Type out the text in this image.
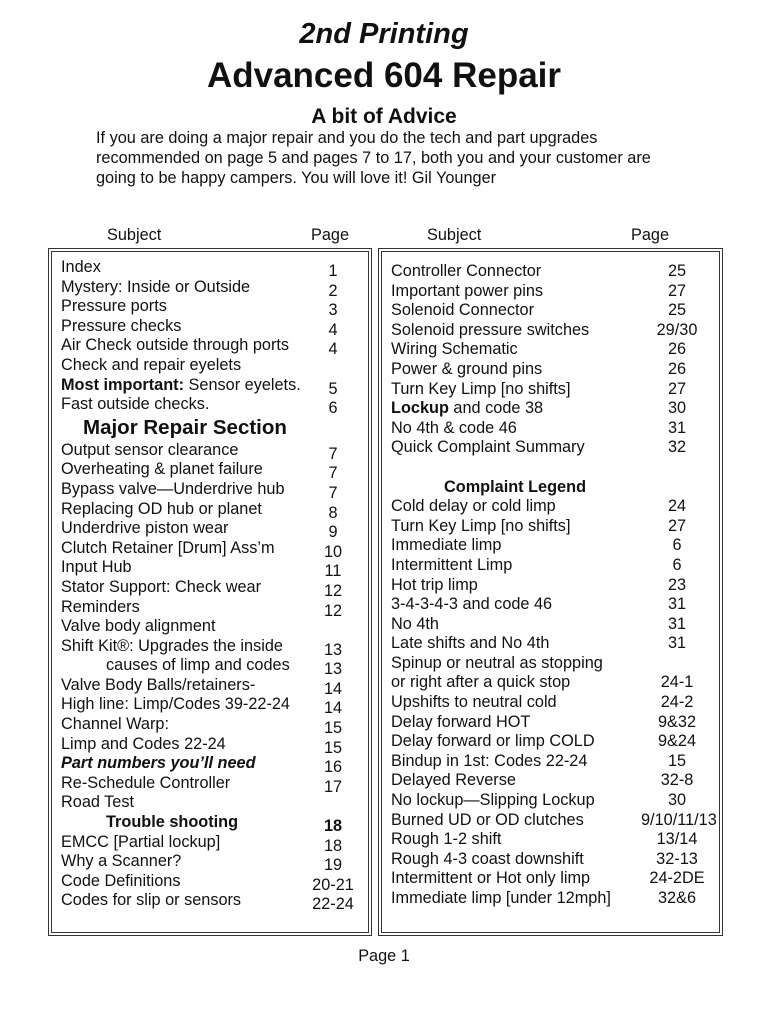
2nd Printing
Advanced 604 Repair
A bit of Advice
If you are doing a major repair and you do the tech and part upgrades recommended on page 5 and pages 7 to 17, both you and your customer are going to be happy campers. You will love it! Gil Younger
Subject	Page	Subject	Page
Index	1
Mystery: Inside or Outside	2
Pressure ports	3
Pressure checks	4
Air Check outside through ports	4
Check and repair eyelets
Most important: Sensor eyelets.	5
Fast outside checks.	6
Major Repair Section
Output sensor clearance	7
Overheating & planet failure	7
Bypass valve—Underdrive hub	7
Replacing OD hub or planet	8
Underdrive piston wear	9
Clutch Retainer [Drum] Ass’m	10
Input Hub	11
Stator Support: Check wear	12
Reminders	12
Valve body alignment
Shift Kit®: Upgrades the inside	13
causes of limp and codes	13
Valve Body Balls/retainers-	14
High line: Limp/Codes 39-22-24	14
Channel Warp:	15
Limp and Codes 22-24	15
Part numbers you’ll need	16
Re-Schedule Controller	17
Road Test
Trouble shooting	18
EMCC [Partial lockup]	18
Why a Scanner?	19
Code Definitions	20-21
Codes for slip or sensors	22-24
Controller Connector	25
Important power pins	27
Solenoid Connector	25
Solenoid pressure switches	29/30
Wiring Schematic	26
Power & ground pins	26
Turn Key Limp [no shifts]	27
Lockup and code 38	30
No 4th & code 46	31
Quick Complaint Summary	32
Complaint Legend
Cold delay or cold limp	24
Turn Key Limp [no shifts]	27
Immediate limp	6
Intermittent Limp	6
Hot trip limp	23
3-4-3-4-3 and code 46	31
No 4th	31
Late shifts and No 4th	31
Spinup or neutral as stopping
or right after a quick stop	24-1
Upshifts to neutral cold	24-2
Delay forward HOT	9&32
Delay forward or limp COLD	9&24
Bindup in 1st: Codes 22-24	15
Delayed Reverse	32-8
No lockup—Slipping Lockup	30
Burned UD or OD clutches	9/10/11/13
Rough 1-2 shift	13/14
Rough 4-3 coast downshift	32-13
Intermittent or Hot only limp	24-2DE
Immediate limp [under 12mph]	32&6
Page 1
